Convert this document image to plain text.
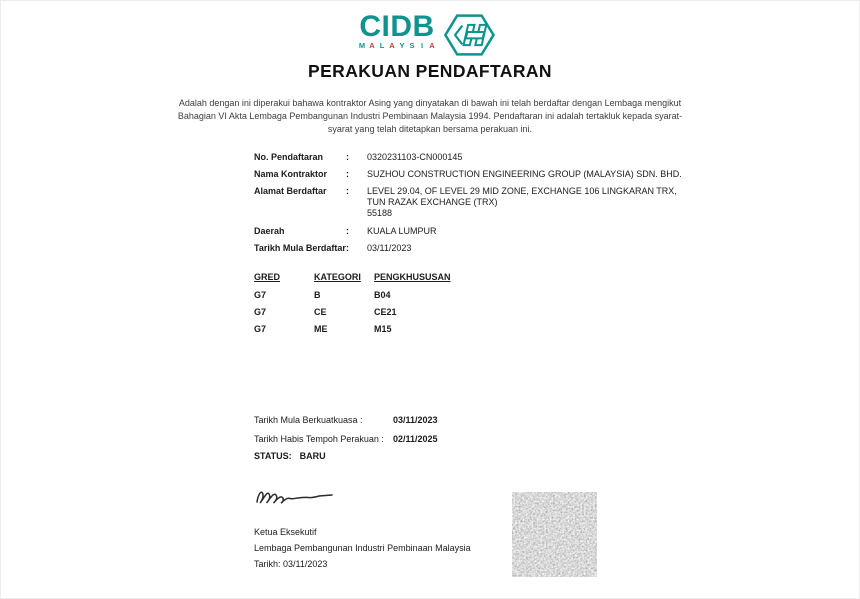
CIDB
M A L A Y S I A
PERAKUAN PENDAFTARAN
Adalah dengan ini diperakui bahawa kontraktor Asing yang dinyatakan di bawah ini telah berdaftar dengan Lembaga mengikut
Bahagian VI Akta Lembaga Pembangunan Industri Pembinaan Malaysia 1994. Pendaftaran ini adalah tertakluk kepada syarat-
syarat yang telah ditetapkan bersama perakuan ini.
No. Pendaftaran	: 0320231103-CN000145
Nama Kontraktor : SUZHOU CONSTRUCTION ENGINEERING GROUP (MALAYSIA) SDN. BHD.
Alamat Berdaftar : LEVEL 29.04, OF LEVEL 29 MID ZONE, EXCHANGE 106 LINGKARAN TRX,
TUN RAZAK EXCHANGE (TRX)
55188
Daerah	: KUALA LUMPUR
Tarikh Mula Berdaftar : 03/11/2023
GRED	KATEGORI PENGKHUSUSAN
G7	B	B04
G7	CE	CE21
G7	ME	M15
Tarikh Mula Berkuatkuasa :	03/11/2023
Tarikh Habis Tempoh Perakuan : 02/11/2025
STATUS: BARU
Ketua Eksekutif
Lembaga Pembangunan Industri Pembinaan Malaysia
Tarikh: 03/11/2023
